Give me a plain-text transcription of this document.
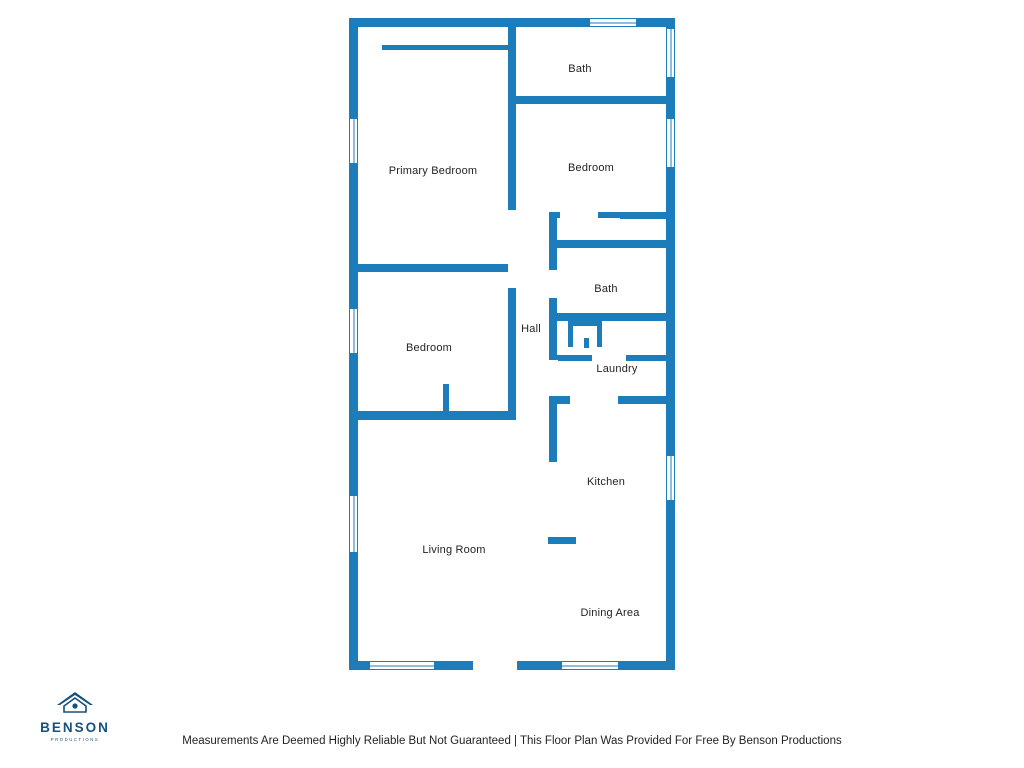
Bath
Primary Bedroom	Bedroom
Bath
Hall
Bedroom
Laundry
Kitchen
Living Room
Dining Area
Measurements Are Deemed Highly Reliable But Not Guaranteed | This Floor Plan Was Provided For Free By Benson Productions
BENSON
PRODUCTIONS
